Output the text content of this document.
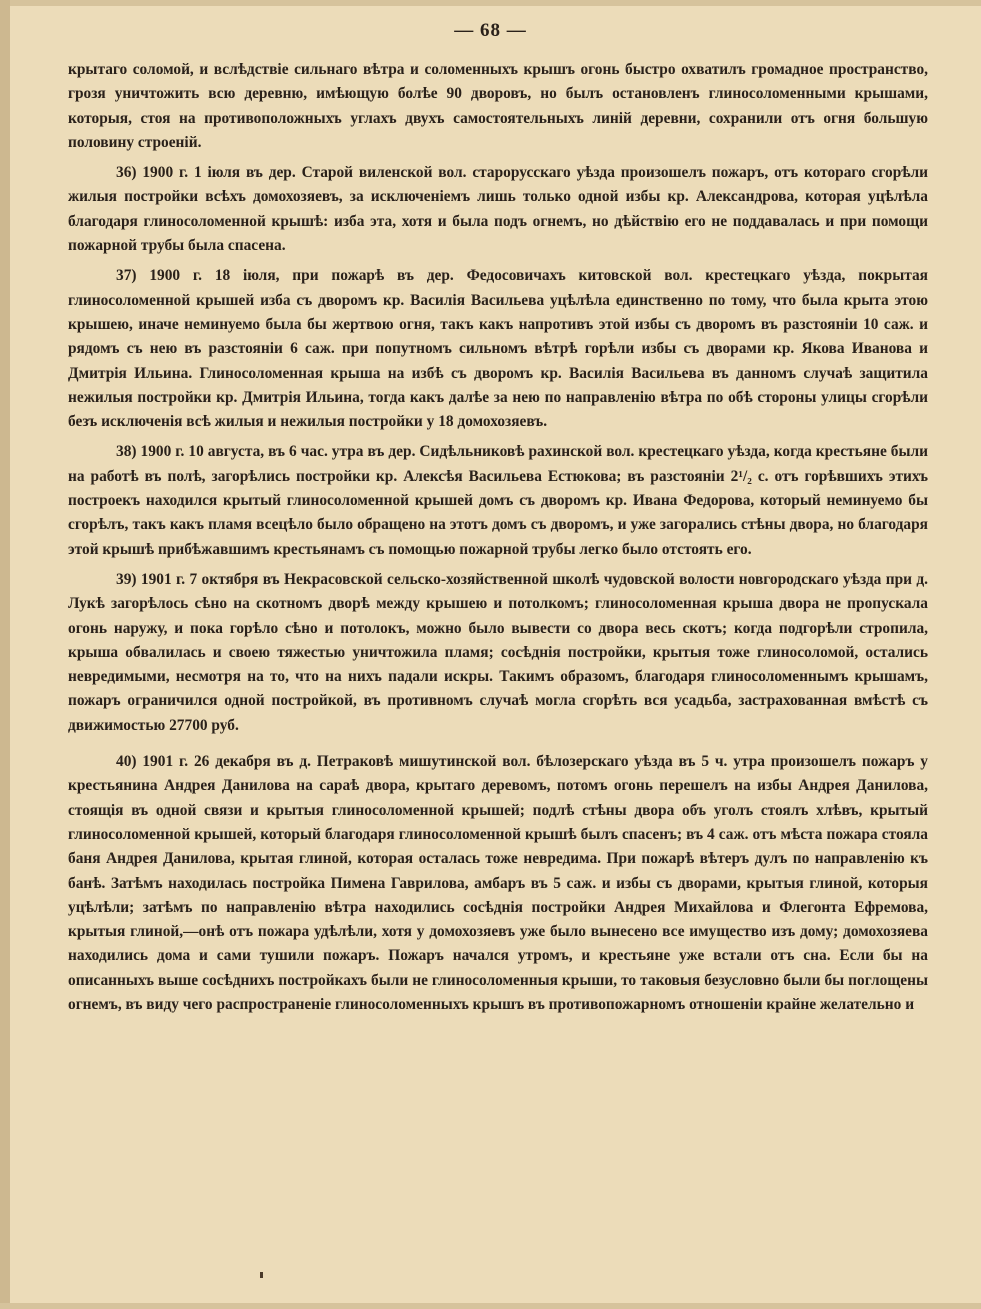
— 68 —

крытаго соломой, и вслѣдствіе сильнаго вѣтра и соломенныхъ крышъ огонь быстро охватилъ громадное пространство, грозя уничтожить всю деревню, имѣющую болѣе 90 дворовъ, но былъ остановленъ глиносоломенными крышами, которыя, стоя на противоположныхъ углахъ двухъ самостоятельныхъ линій деревни, сохранили отъ огня большую половину строеній.

36) 1900 г. 1 іюля въ дер. Старой виленской вол. старорусскаго уѣзда произошелъ пожаръ, отъ котораго сгорѣли жилыя постройки всѣхъ домохозяевъ, за исключеніемъ лишь только одной избы кр. Александрова, которая уцѣлѣла благодаря глиносоломенной крышѣ: изба эта, хотя и была подъ огнемъ, но дѣйствію его не поддавалась и при помощи пожарной трубы была спасена.

37) 1900 г. 18 іюля, при пожарѣ въ дер. Федосовичахъ китовской вол. крестецкаго уѣзда, покрытая глиносоломенной крышей изба съ дворомъ кр. Василія Васильева уцѣлѣла единственно по тому, что была крыта этою крышею, иначе неминуемо была бы жертвою огня, такъ какъ напротивъ этой избы съ дворомъ въ разстояніи 10 саж. и рядомъ съ нею въ разстояніи 6 саж. при попутномъ сильномъ вѣтрѣ горѣли избы съ дворами кр. Якова Иванова и Дмитрія Ильина. Глиносоломенная крыша на избѣ съ дворомъ кр. Василія Васильева въ данномъ случаѣ защитила нежилыя постройки кр. Дмитрія Ильина, тогда какъ далѣе за нею по направленію вѣтра по обѣ стороны улицы сгорѣли безъ исключенія всѣ жилыя и нежилыя постройки у 18 домохозяевъ.

38) 1900 г. 10 августа, въ 6 час. утра въ дер. Сидѣльниковѣ рахинской вол. крестецкаго уѣзда, когда крестьяне были на работѣ въ полѣ, загорѣлись постройки кр. Алексѣя Васильева Естюкова; въ разстояніи 2¹/₂ с. отъ горѣвшихъ этихъ построекъ находился крытый глиносоломенной крышей домъ съ дворомъ кр. Ивана Федорова, который неминуемо бы сгорѣлъ, такъ какъ пламя всецѣло было обращено на этотъ домъ съ дворомъ, и уже загорались стѣны двора, но благодаря этой крышѣ прибѣжавшимъ крестьянамъ съ помощью пожарной трубы легко было отстоять его.

39) 1901 г. 7 октября въ Некрасовской сельско-хозяйственной школѣ чудовской волости новгородскаго уѣзда при д. Лукѣ загорѣлось сѣно на скотномъ дворѣ между крышею и потолкомъ; глиносоломенная крыша двора не пропускала огонь наружу, и пока горѣло сѣно и потолокъ, можно было вывести со двора весь скотъ; когда подгорѣли стропила, крыша обвалилась и своею тяжестью уничтожила пламя; сосѣднія постройки, крытыя тоже глиносоломой, остались невредимыми, несмотря на то, что на нихъ падали искры. Такимъ образомъ, благодаря глиносоломеннымъ крышамъ, пожаръ ограничился одной постройкой, въ противномъ случаѣ могла сгорѣть вся усадьба, застрахованная вмѣстѣ съ движимостью 27700 руб.

40) 1901 г. 26 декабря въ д. Петраковѣ мишутинской вол. бѣлозерскаго уѣзда въ 5 ч. утра произошелъ пожаръ у крестьянина Андрея Данилова на сараѣ двора, крытаго деревомъ, потомъ огонь перешелъ на избы Андрея Данилова, стоящія въ одной связи и крытыя глиносоломенной крышей; подлѣ стѣны двора объ уголъ стоялъ хлѣвъ, крытый глиносоломенной крышей, который благодаря глиносоломенной крышѣ былъ спасенъ; въ 4 саж. отъ мѣста пожара стояла баня Андрея Данилова, крытая глиной, которая осталась тоже невредима. При пожарѣ вѣтеръ дулъ по направленію къ банѣ. Затѣмъ находилась постройка Пимена Гаврилова, амбаръ въ 5 саж. и избы съ дворами, крытыя глиной, которыя уцѣлѣли; затѣмъ по направленію вѣтра находились сосѣднія постройки Андрея Михайлова и Флегонта Ефремова, крытыя глиной,—онѣ отъ пожара удѣлѣли, хотя у домохозяевъ уже было вынесено все имущество изъ дому; домохозяева находились дома и сами тушили пожаръ. Пожаръ начался утромъ, и крестьяне уже встали отъ сна. Если бы на описанныхъ выше сосѣднихъ постройкахъ были не глиносоломенныя крыши, то таковыя безусловно были бы поглощены огнемъ, въ виду чего распространеніе глиносоломенныхъ крышъ въ противопожарномъ отношеніи крайне желательно и
